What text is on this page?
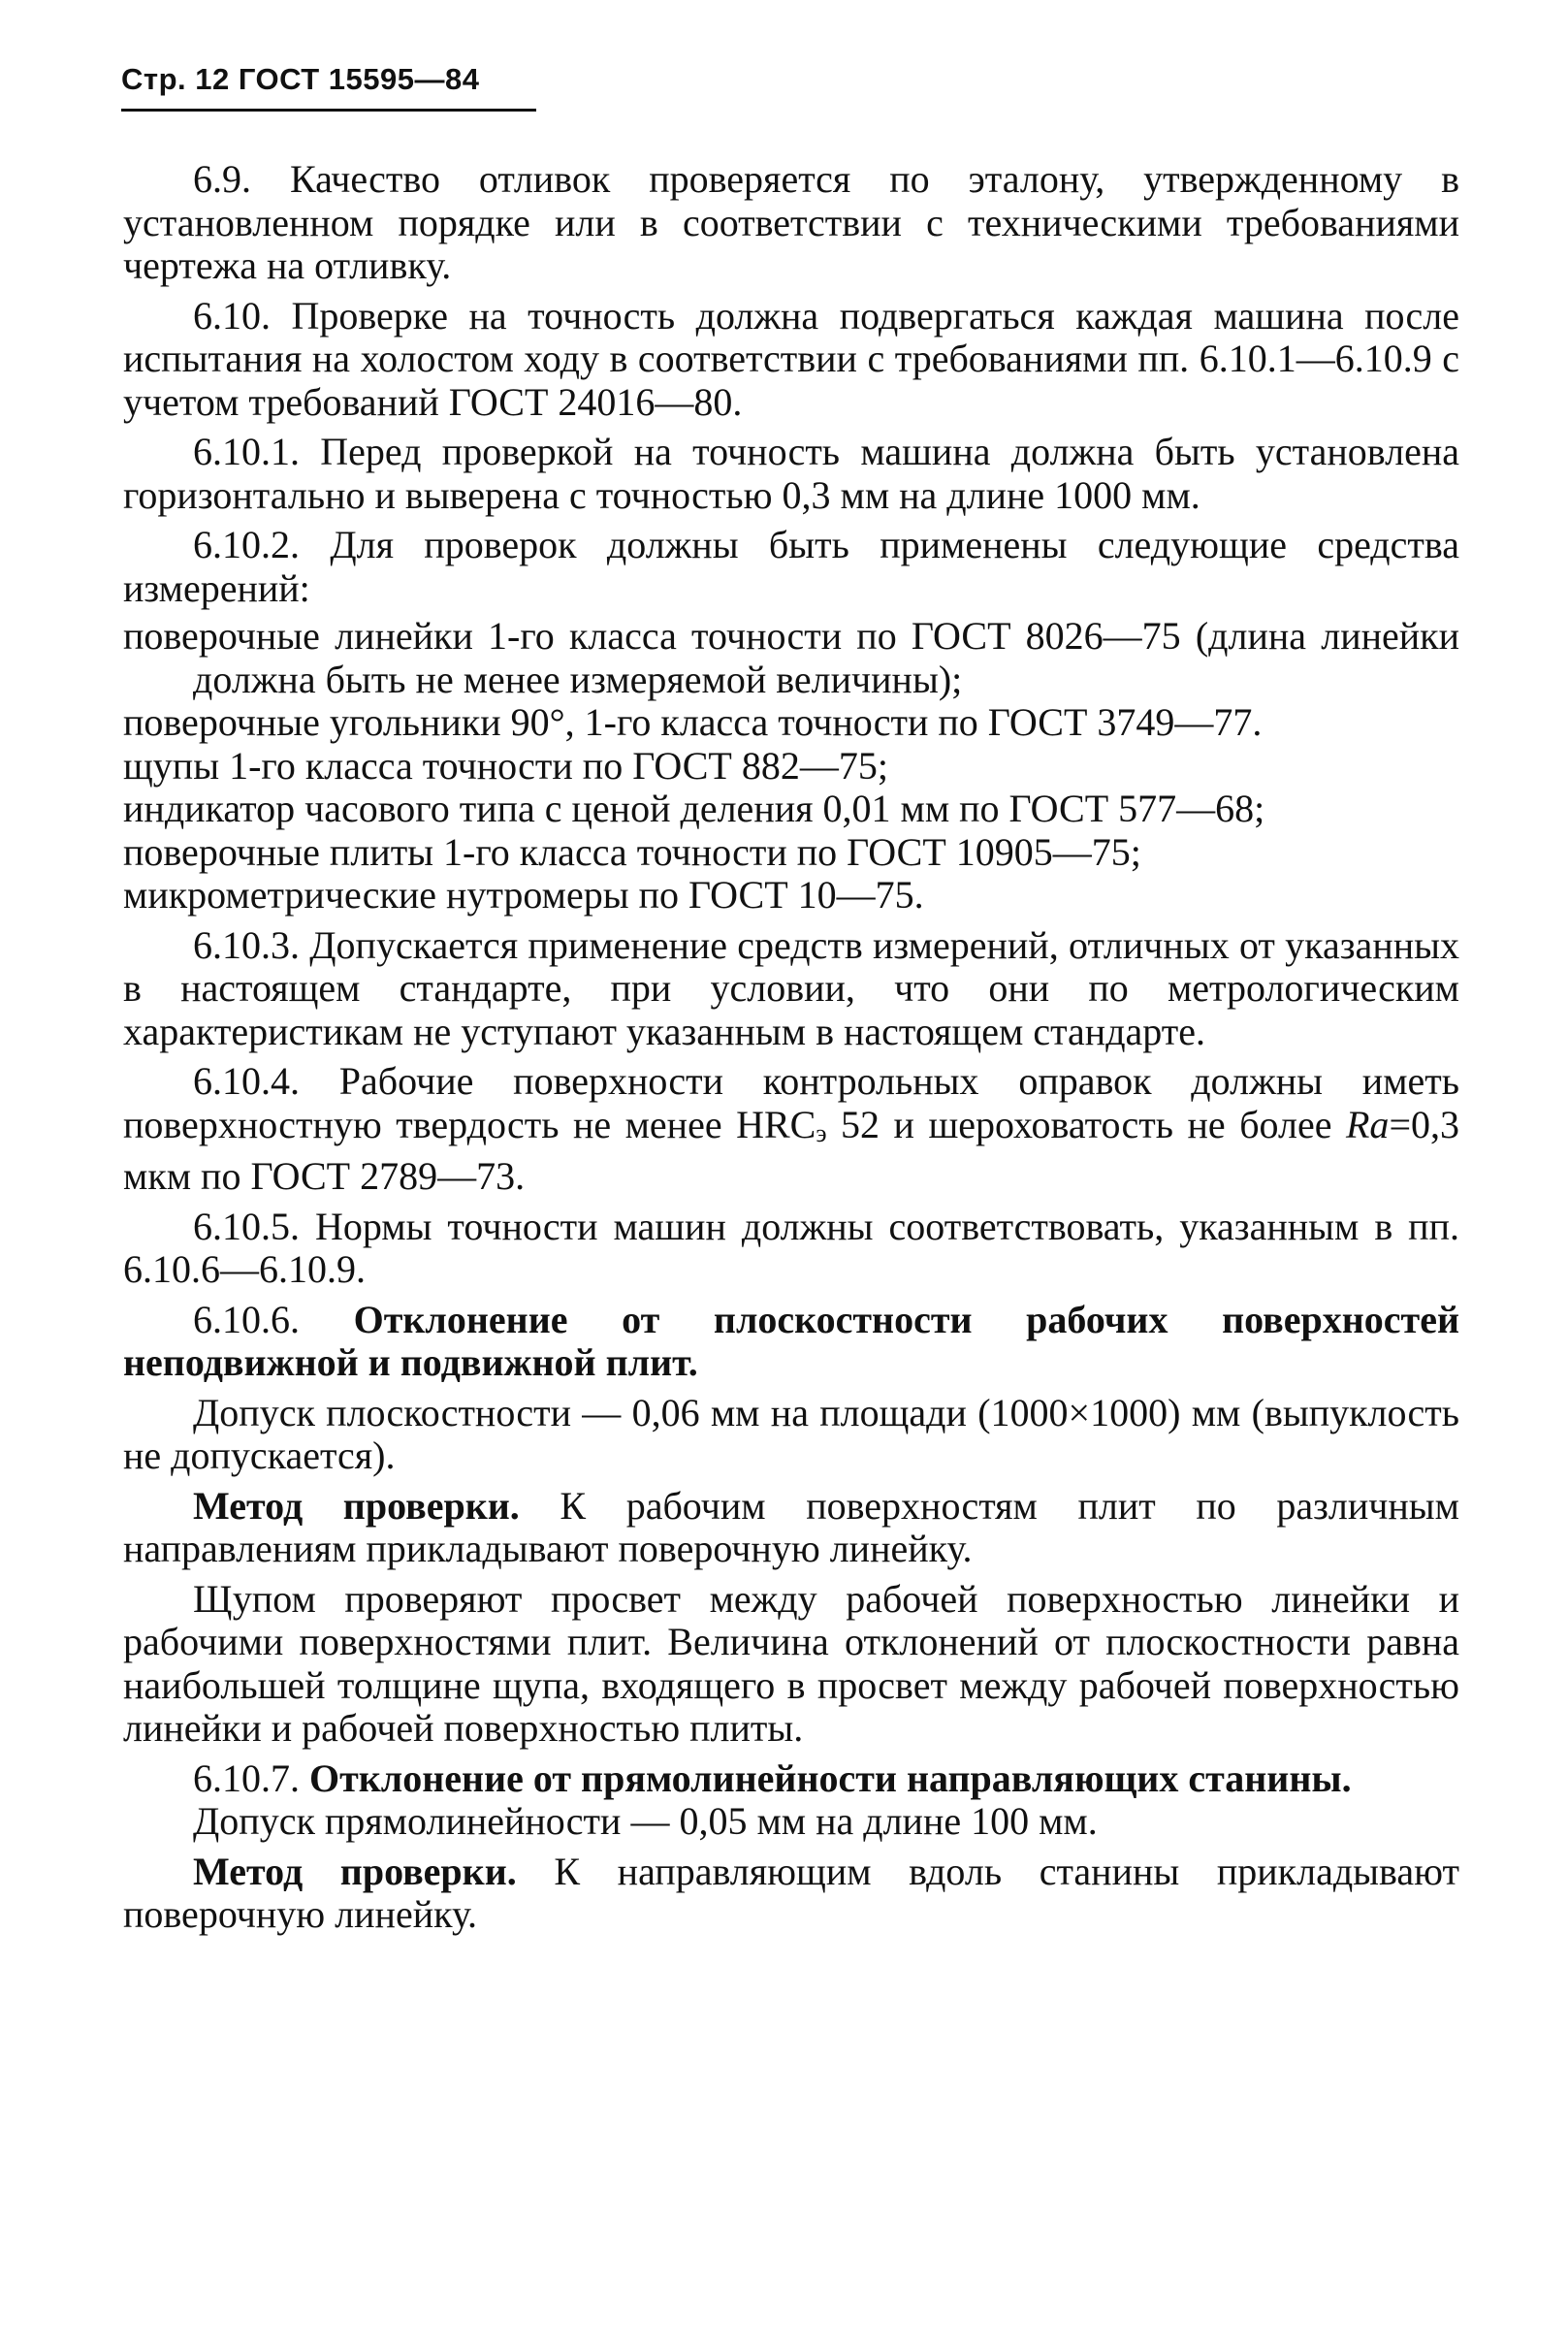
Стр. 12 ГОСТ 15595—84

6.9. Качество отливок проверяется по эталону, утвержденному в установленном порядке или в соответствии с техническими требованиями чертежа на отливку.

6.10. Проверке на точность должна подвергаться каждая машина после испытания на холостом ходу в соответствии с требованиями пп. 6.10.1—6.10.9 с учетом требований ГОСТ 24016—80.

6.10.1. Перед проверкой на точность машина должна быть установлена горизонтально и выверена с точностью 0,3 мм на длине 1000 мм.

6.10.2. Для проверок должны быть применены следующие средства измерений:

поверочные линейки 1-го класса точности по ГОСТ 8026—75 (длина линейки должна быть не менее измеряемой величины);

поверочные угольники 90°, 1-го класса точности по ГОСТ 3749—77.

щупы 1-го класса точности по ГОСТ 882—75;

индикатор часового типа с ценой деления 0,01 мм по ГОСТ 577—68;

поверочные плиты 1-го класса точности по ГОСТ 10905—75;

микрометрические нутромеры по ГОСТ 10—75.

6.10.3. Допускается применение средств измерений, отличных от указанных в настоящем стандарте, при условии, что они по метрологическим характеристикам не уступают указанным в настоящем стандарте.

6.10.4. Рабочие поверхности контрольных оправок должны иметь поверхностную твердость не менее HRCэ 52 и шероховатость не более Ra=0,3 мкм по ГОСТ 2789—73.

6.10.5. Нормы точности машин должны соответствовать, указанным в пп. 6.10.6—6.10.9.

6.10.6. Отклонение от плоскостности рабочих поверхностей неподвижной и подвижной плит.

Допуск плоскостности — 0,06 мм на площади (1000×1000) мм (выпуклость не допускается).

Метод проверки. К рабочим поверхностям плит по различным направлениям прикладывают поверочную линейку.

Щупом проверяют просвет между рабочей поверхностью линейки и рабочими поверхностями плит. Величина отклонений от плоскостности равна наибольшей толщине щупа, входящего в просвет между рабочей поверхностью линейки и рабочей поверхностью плиты.

6.10.7. Отклонение от прямолинейности направляющих станины.

Допуск прямолинейности — 0,05 мм на длине 100 мм.

Метод проверки. К направляющим вдоль станины прикладывают поверочную линейку.
